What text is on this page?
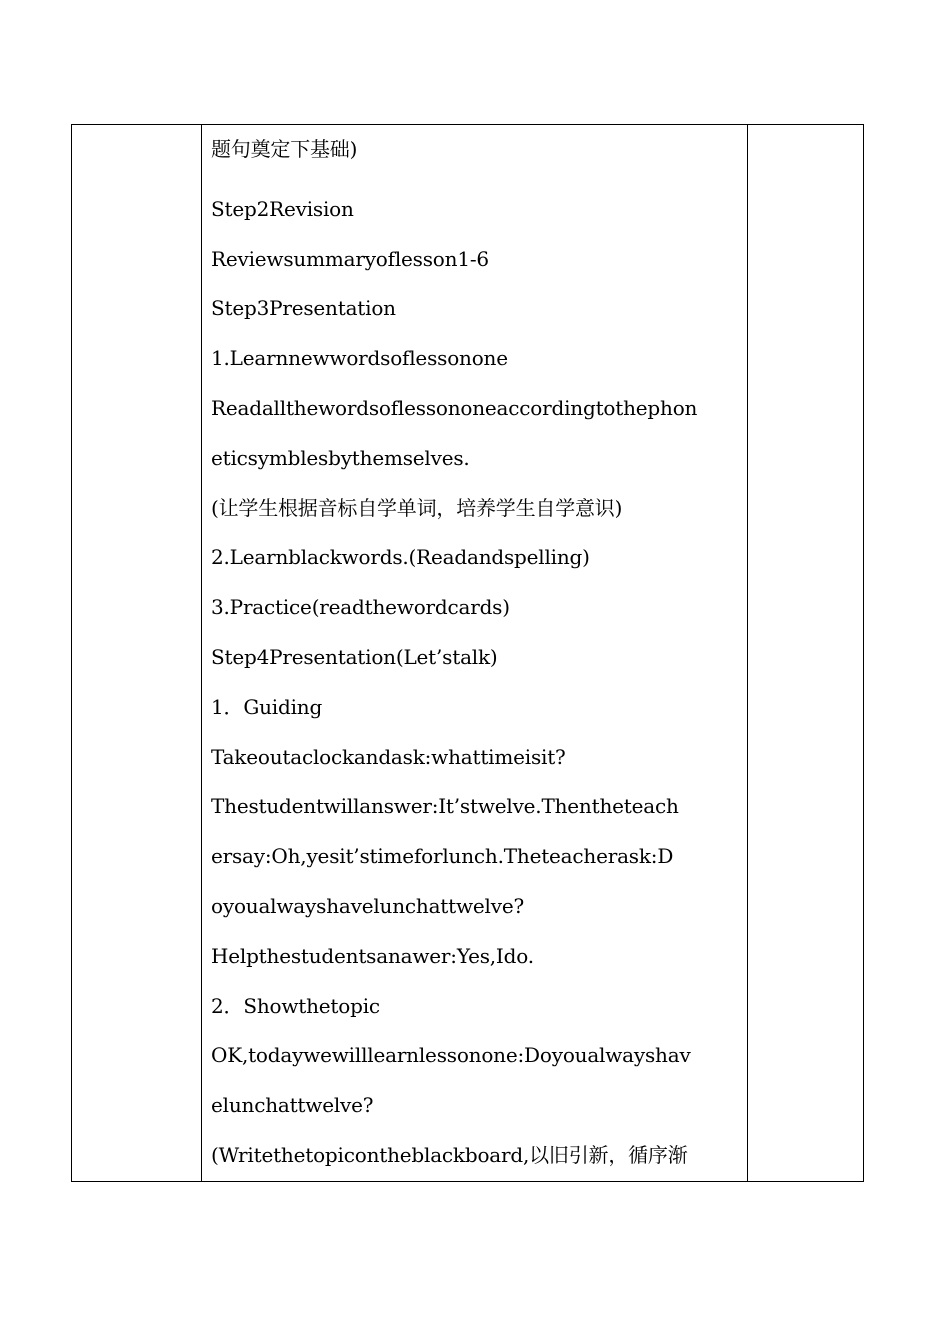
题句奠定下基础)
Step2Revision
Reviewsummaryoflesson1-6
Step3Presentation
1.Learnnewwordsoflessonone
Readallthewordsoflessononeaccordingtothephon
eticsymblesbythemselves.
(让学生根据音标自学单词，培养学生自学意识)
2.Learnblackwords.(Readandspelling)
3.Practice(readthewordcards)
Step4Presentation(Let’stalk)
1．Guiding
Takeoutaclockandask:whattimeisit?
Thestudentwillanswer:It’stwelve.Thentheteach
ersay:Oh,yesit’stimeforlunch.Theteacherask:D
oyoualwayshavelunchattwelve?
Helpthestudentsanawer:Yes,Ido.
2．Showthetopic
OK,todaywewilllearnlessonone:Doyoualwayshav
elunchattwelve?
(Writethetopicontheblackboard,以旧引新，循序渐
